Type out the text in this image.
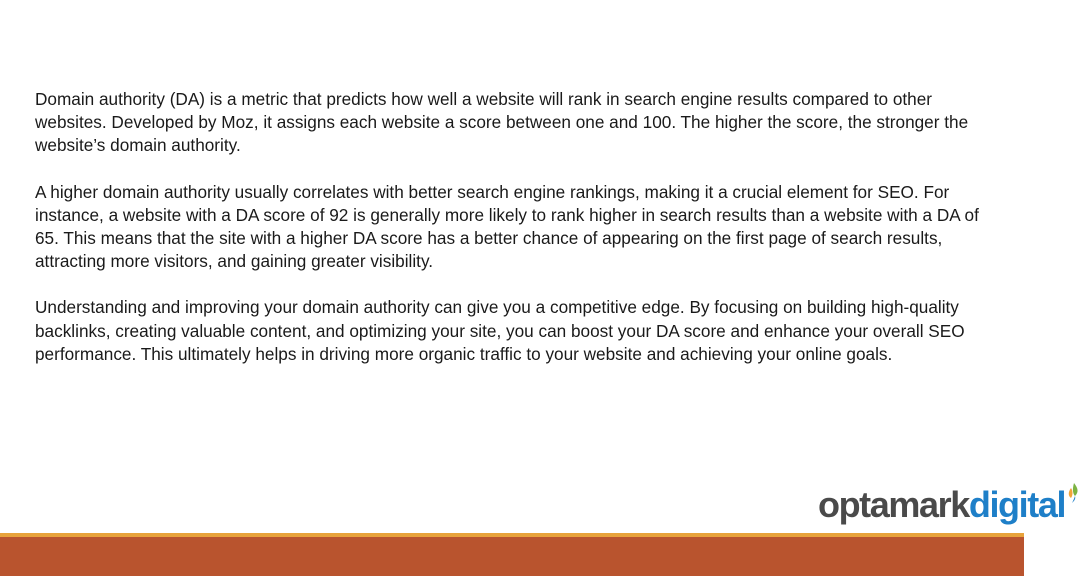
Domain authority (DA) is a metric that predicts how well a website will rank in search engine results compared to other websites. Developed by Moz, it assigns each website a score between one and 100. The higher the score, the stronger the website’s domain authority.

A higher domain authority usually correlates with better search engine rankings, making it a crucial element for SEO. For instance, a website with a DA score of 92 is generally more likely to rank higher in search results than a website with a DA of 65. This means that the site with a higher DA score has a better chance of appearing on the first page of search results, attracting more visitors, and gaining greater visibility.

Understanding and improving your domain authority can give you a competitive edge. By focusing on building high-quality backlinks, creating valuable content, and optimizing your site, you can boost your DA score and enhance your overall SEO performance. This ultimately helps in driving more organic traffic to your website and achieving your online goals.

optamark digital
